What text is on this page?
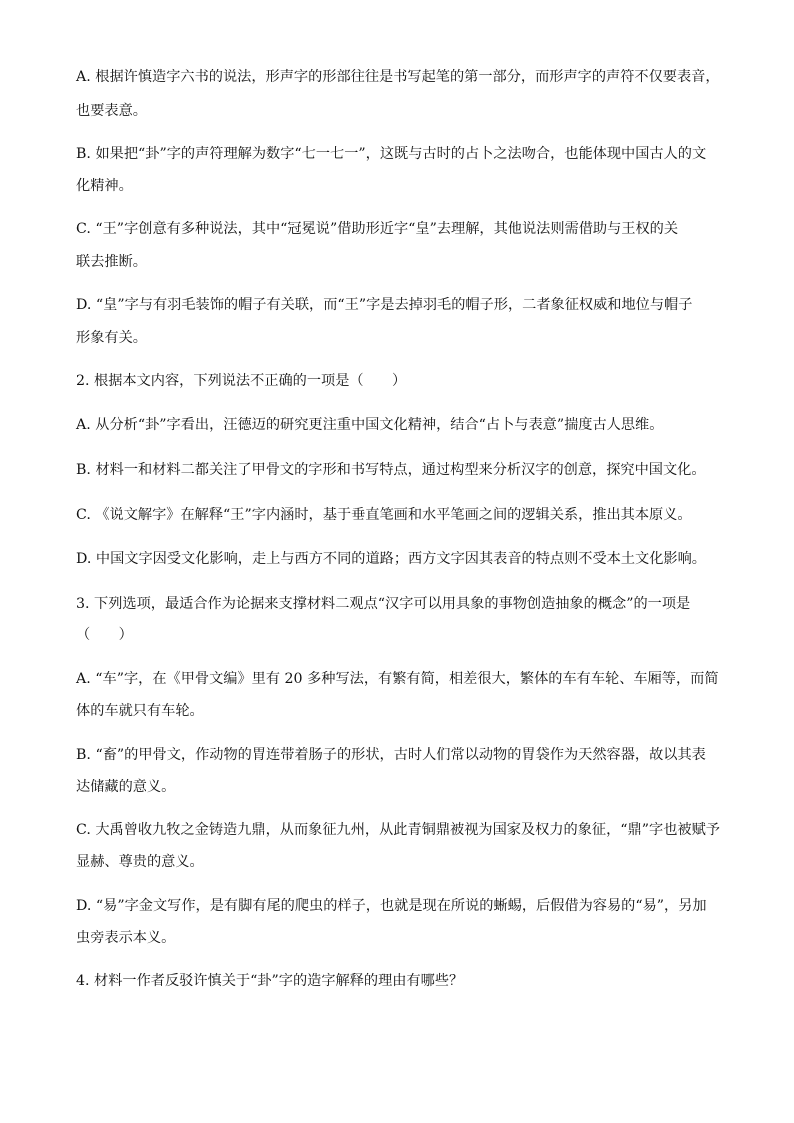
A. 根据许慎造字六书的说法，形声字的形部往往是书写起笔的第一部分，而形声字的声符不仅要表音，
也要表意。
B. 如果把“卦”字的声符理解为数字“七一七一”，这既与古时的占卜之法吻合，也能体现中国古人的文
化精神。
C. “王”字创意有多种说法，其中“冠冕说”借助形近字“皇”去理解，其他说法则需借助与王权的关
联去推断。
D. “皇”字与有羽毛装饰的帽子有关联，而“王”字是去掉羽毛的帽子形，二者象征权威和地位与帽子
形象有关。
2. 根据本文内容，下列说法不正确的一项是（　　）
A. 从分析“卦”字看出，汪德迈的研究更注重中国文化精神，结合“占卜与表意”揣度古人思维。
B. 材料一和材料二都关注了甲骨文的字形和书写特点，通过构型来分析汉字的创意，探究中国文化。
C. 《说文解字》在解释“王”字内涵时，基于垂直笔画和水平笔画之间的逻辑关系，推出其本原义。
D. 中国文字因受文化影响，走上与西方不同的道路；西方文字因其表音的特点则不受本土文化影响。
3. 下列选项，最适合作为论据来支撑材料二观点“汉字可以用具象的事物创造抽象的概念”的一项是
（　　）
A. “车”字，在《甲骨文编》里有 20 多种写法，有繁有简，相差很大，繁体的车有车轮、车厢等，而简
体的车就只有车轮。
B. “畜”的甲骨文，作动物的胃连带着肠子的形状，古时人们常以动物的胃袋作为天然容器，故以其表
达储藏的意义。
C. 大禹曾收九牧之金铸造九鼎，从而象征九州，从此青铜鼎被视为国家及权力的象征，“鼎”字也被赋予
显赫、尊贵的意义。
D. “易”字金文写作，是有脚有尾的爬虫的样子，也就是现在所说的蜥蜴，后假借为容易的“易”，另加
虫旁表示本义。
4. 材料一作者反驳许慎关于“卦”字的造字解释的理由有哪些？
